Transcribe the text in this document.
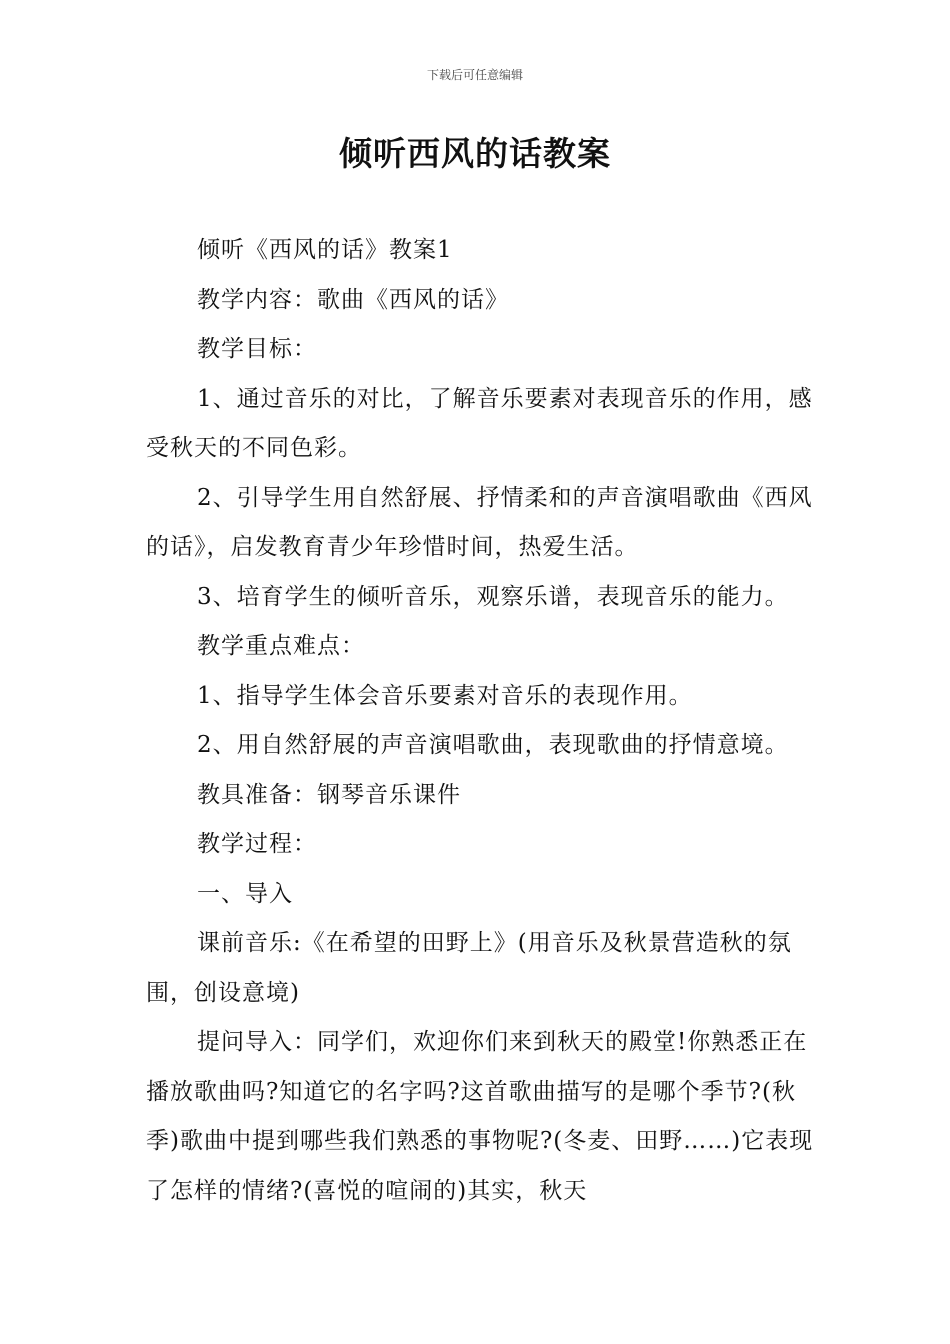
下载后可任意编辑
倾听西风的话教案

倾听《西风的话》教案1

教学内容：歌曲《西风的话》

教学目标：

1、通过音乐的对比，了解音乐要素对表现音乐的作用，感受秋天的不同色彩。

2、引导学生用自然舒展、抒情柔和的声音演唱歌曲《西风的话》，启发教育青少年珍惜时间，热爱生活。

3、培育学生的倾听音乐，观察乐谱，表现音乐的能力。

教学重点难点：

1、指导学生体会音乐要素对音乐的表现作用。

2、用自然舒展的声音演唱歌曲，表现歌曲的抒情意境。

教具准备：钢琴音乐课件

教学过程：

一、导入

课前音乐:《在希望的田野上》(用音乐及秋景营造秋的氛围，创设意境)

提问导入：同学们，欢迎你们来到秋天的殿堂!你熟悉正在播放歌曲吗?知道它的名字吗?这首歌曲描写的是哪个季节?(秋季)歌曲中提到哪些我们熟悉的事物呢?(冬麦、田野……)它表现了怎样的情绪?(喜悦的喧闹的)其实，秋天
